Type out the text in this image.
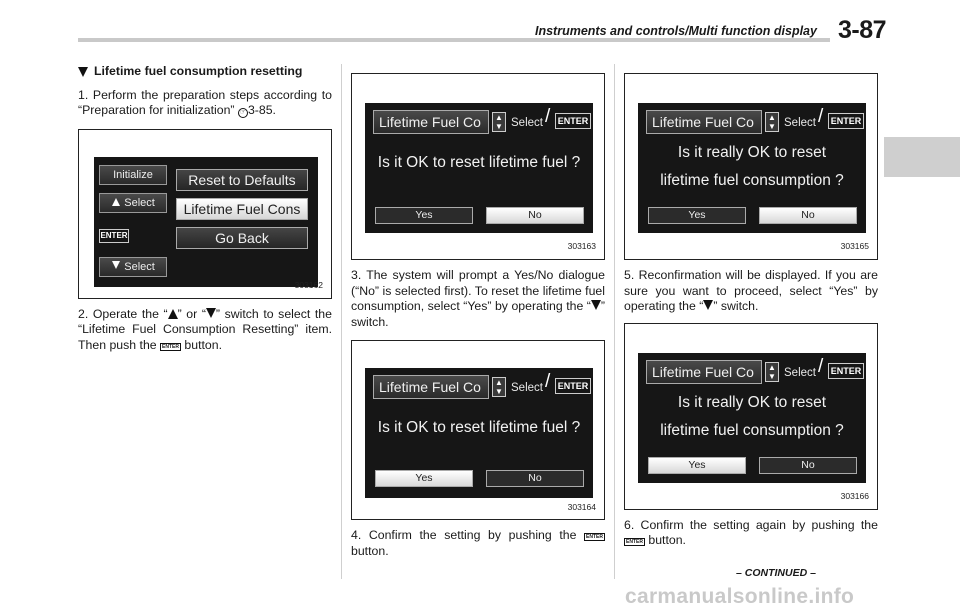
Instruments and controls/Multi function display 3-87
Lifetime fuel consumption resetting

1. Perform the preparation steps according to “Preparation for initialization” ☞ 3-85.

Initialize
Select
ENTER
Select
Reset to Defaults
Lifetime Fuel Cons
Go Back
303162

2. Operate the “ ” or “ ” switch to select the “Lifetime Fuel Consumption Resetting” item. Then push the ENTER button.

Lifetime Fuel Co	▲
▼ Select / ENTER
Is it OK to reset lifetime fuel ?
Yes	No
303163

3. The system will prompt a Yes/No dialogue (“No” is selected first). To reset the lifetime fuel consumption, select “Yes” by operating the “ ” switch.

Lifetime Fuel Co	▲
▼ Select / ENTER
Is it OK to reset lifetime fuel ?
Yes	No
303164

4. Confirm the setting by pushing the ENTER button.

Lifetime Fuel Co	▲
▼ Select / ENTER
Is it really OK to reset
lifetime fuel consumption ?
Yes	No
303165

5. Reconfirmation will be displayed. If you are sure you want to proceed, select “Yes” by operating the “ ” switch.

Lifetime Fuel Co	▲
▼ Select / ENTER
Is it really OK to reset
lifetime fuel consumption ?
Yes	No
303166

6. Confirm the setting again by pushing the ENTER button.

– CONTINUED –
carmanualsonline.info
